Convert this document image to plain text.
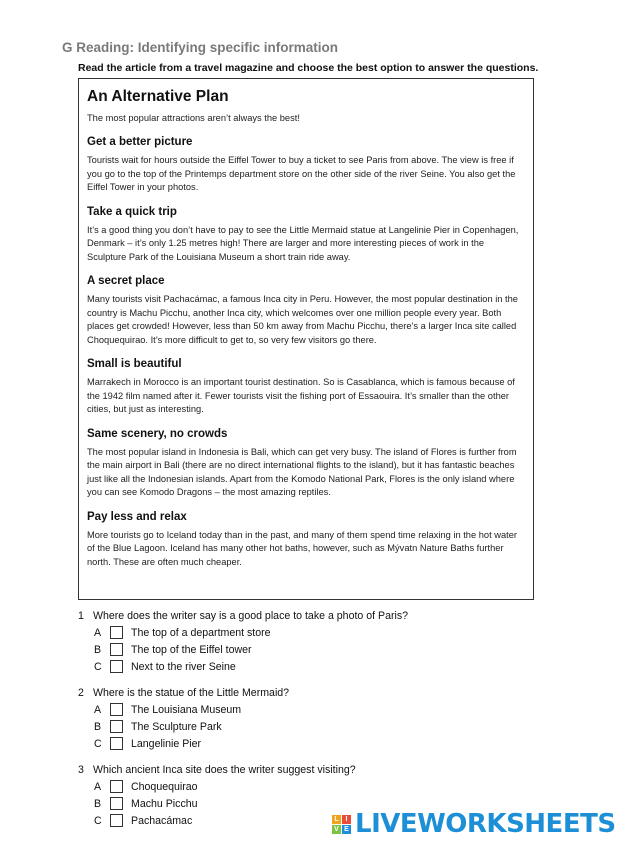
G Reading: Identifying specific information
Read the article from a travel magazine and choose the best option to answer the questions.
An Alternative Plan
The most popular attractions aren’t always the best!
Get a better picture

Tourists wait for hours outside the Eiffel Tower to buy a ticket to see Paris from above. The view is free if you go to the top of the Printemps department store on the other side of the river Seine. You also get the Eiffel Tower in your photos.

Take a quick trip

It’s a good thing you don’t have to pay to see the Little Mermaid statue at Langelinie Pier in Copenhagen, Denmark – it’s only 1.25 metres high! There are larger and more interesting pieces of work in the Sculpture Park of the Louisiana Museum a short train ride away.

A secret place

Many tourists visit Pachacámac, a famous Inca city in Peru. However, the most popular destination in the country is Machu Picchu, another Inca city, which welcomes over one million people every year. Both places get crowded! However, less than 50 km away from Machu Picchu, there’s a larger Inca site called Choquequirao. It’s more difficult to get to, so very few visitors go there.

Small is beautiful

Marrakech in Morocco is an important tourist destination. So is Casablanca, which is famous because of the 1942 film named after it. Fewer tourists visit the fishing port of Essaouira. It’s smaller than the other cities, but just as interesting.

Same scenery, no crowds

The most popular island in Indonesia is Bali, which can get very busy. The island of Flores is further from the main airport in Bali (there are no direct international flights to the island), but it has fantastic beaches just like all the Indonesian islands. Apart from the Komodo National Park, Flores is the only island where you can see Komodo Dragons – the most amazing reptiles.

Pay less and relax

More tourists go to Iceland today than in the past, and many of them spend time relaxing in the hot water of the Blue Lagoon. Iceland has many other hot baths, however, such as Mývatn Nature Baths further north. These are often much cheaper.

1 Where does the writer say is a good place to take a photo of Paris?
A	The top of a department store
B	The top of the Eiffel tower
C	Next to the river Seine
2 Where is the statue of the Little Mermaid?
A	The Louisiana Museum
B	The Sculpture Park
C	Langelinie Pier
3 Which ancient Inca site does the writer suggest visiting?
A	Choquequirao
B	Machu Picchu
C	Pachacámac	L I
V E LIVEWORKSHEETS
